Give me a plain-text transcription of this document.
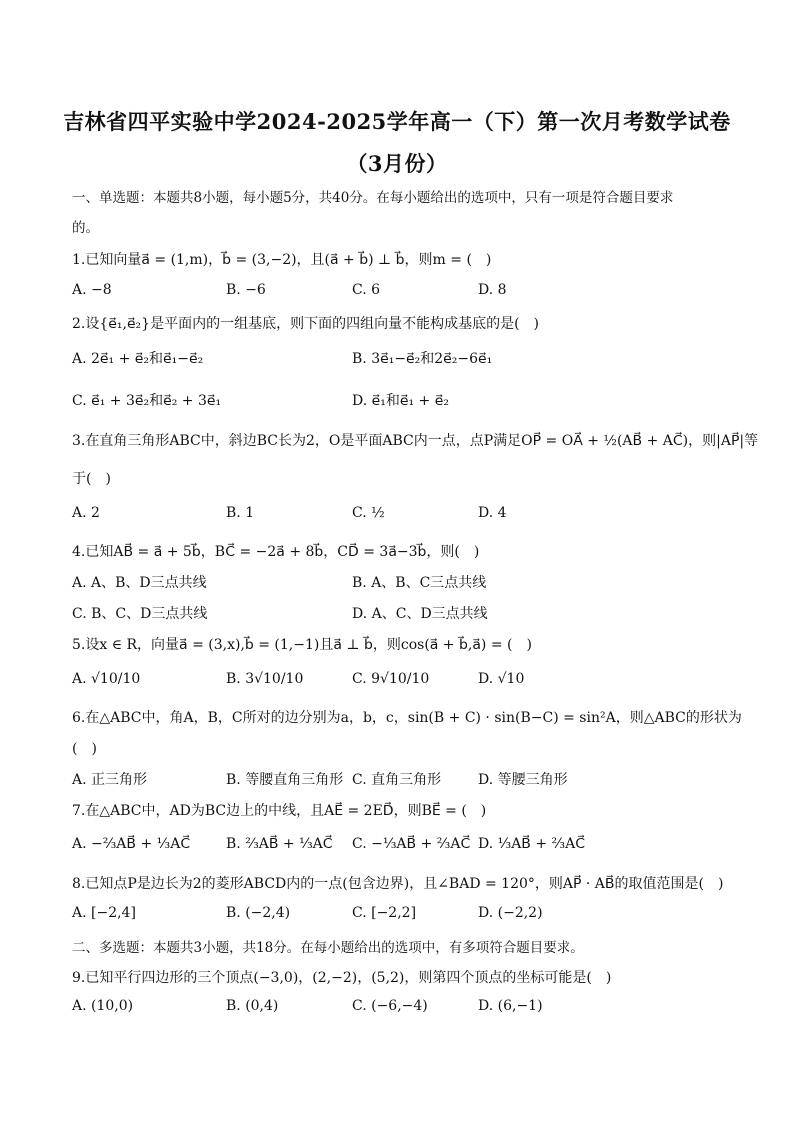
吉林省四平实验中学2024-2025学年高一（下）第一次月考数学试卷
（3月份）
一、单选题：本题共8小题，每小题5分，共40分。在每小题给出的选项中，只有一项是符合题目要求
的。
1.已知向量a⃗ = (1,m)，b⃗ = (3,−2)，且(a⃗ + b⃗) ⊥ b⃗，则m = (　)
A. −8	B. −6	C. 6	D. 8
2.设{e⃗₁,e⃗₂}是平面内的一组基底，则下面的四组向量不能构成基底的是(　)
A. 2e⃗₁ + e⃗₂和e⃗₁−e⃗₂	B. 3e⃗₁−e⃗₂和2e⃗₂−6e⃗₁
C. e⃗₁ + 3e⃗₂和e⃗₂ + 3e⃗₁	D. e⃗₁和e⃗₁ + e⃗₂
3.在直角三角形ABC中，斜边BC长为2，O是平面ABC内一点，点P满足OP⃗ = OA⃗ + ½(AB⃗ + AC⃗)，则|AP⃗|等
于(　)
A. 2	B. 1	C. ½	D. 4
4.已知AB⃗ = a⃗ + 5b⃗，BC⃗ = −2a⃗ + 8b⃗，CD⃗ = 3a⃗−3b⃗，则(　)
A. A、B、D三点共线	B. A、B、C三点共线
C. B、C、D三点共线	D. A、C、D三点共线
5.设x ∈ R，向量a⃗ = (3,x),b⃗ = (1,−1)且a⃗ ⊥ b⃗，则cos(a⃗ + b⃗,a⃗) = (　)
A. √10/10	B. 3√10/10	C. 9√10/10	D. √10
6.在△ABC中，角A，B，C所对的边分别为a，b，c，sin(B + C) · sin(B−C) = sin²A，则△ABC的形状为
(　)
A. 正三角形	B. 等腰直角三角形 C. 直角三角形	D. 等腰三角形
7.在△ABC中，AD为BC边上的中线，且AE⃗ = 2ED⃗，则BE⃗ = (　)
A. −⅔AB⃗ + ⅓AC⃗	B. ⅔AB⃗ + ⅓AC⃗ C. −⅓AB⃗ + ⅔AC⃗ D. ⅓AB⃗ + ⅔AC⃗
8.已知点P是边长为2的菱形ABCD内的一点(包含边界)，且∠BAD = 120°，则AP⃗ · AB⃗的取值范围是(　)
A. [−2,4]	B. (−2,4)	C. [−2,2]	D. (−2,2)
二、多选题：本题共3小题，共18分。在每小题给出的选项中，有多项符合题目要求。
9.已知平行四边形的三个顶点(−3,0)，(2,−2)，(5,2)，则第四个顶点的坐标可能是(　)
A. (10,0)	B. (0,4)	C. (−6,−4)	D. (6,−1)
